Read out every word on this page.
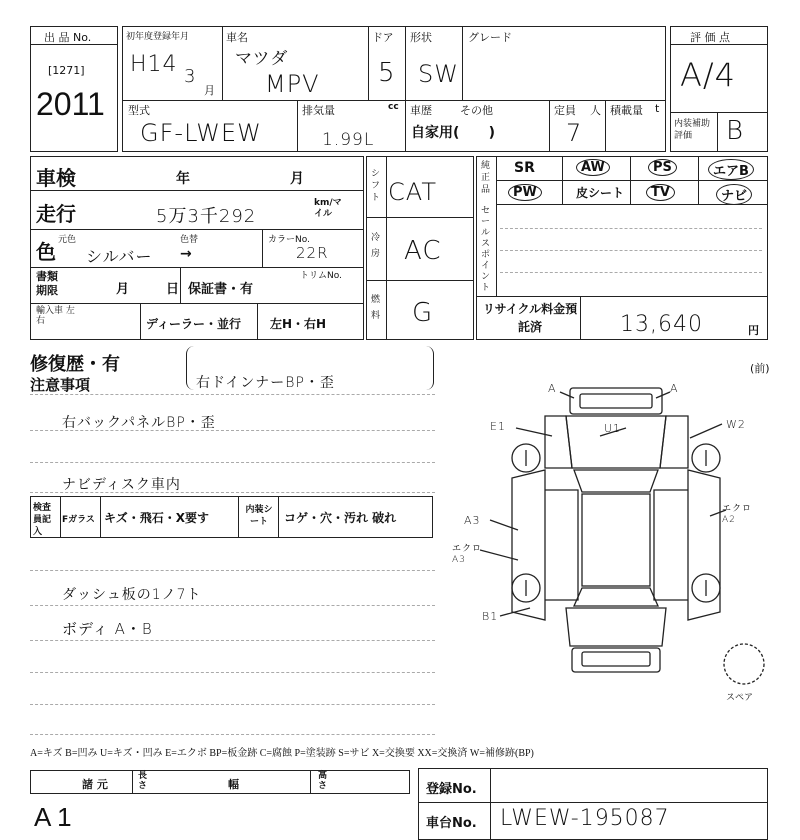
出 品 No.
[1271]
2011
初年度登録年月
H14 3
月
車名
マツダ
MPV
ドア
5
形状
SW
グレード
型式
GF-LWEW
排気量	cc
1.99L
車歴	その他
自家用(      )
定員 人
7
積載量 t
評 価 点
A/4
内装補助評価	B
車検	年	月
走行	5万3千292
km/マイル
色 元色
シルバー
色替
→
カラーNo.
22R
トリムNo.
書類期限	月	日 保証書・有
輸入車 左右	ディーラー・並行 左H・右H
シフト CAT
冷房 AC
燃料 G
純正品
セールスポイント
SR	AW	PS	エアB
PW	皮シート	TV	ナビ
リサイクル料金預託済	13,640	円
修復歴・有
注意事項	右ドインナーBP・歪
(前)
右バックパネルBP・歪
ナビディスク車内
ダッシュ板の1ノ7ト
ボディ A・B
検査員記入
Fガラス キズ・飛石・X要す
内装シート	コゲ・穴・汚れ 破れ
A	A
E1	U1	W2
エクロ A2
A3
エクロ A3
B1
スペア
A=キズ B=凹み U=キズ・凹み E=エクボ BP=板金跡 C=腐蝕 P=塗装跡 S=サビ X=交換要 XX=交換済 W=補修跡(BP)
諸 元
長さ	幅
高さ
A 1
登録No.
車台No. LWEW-195087
